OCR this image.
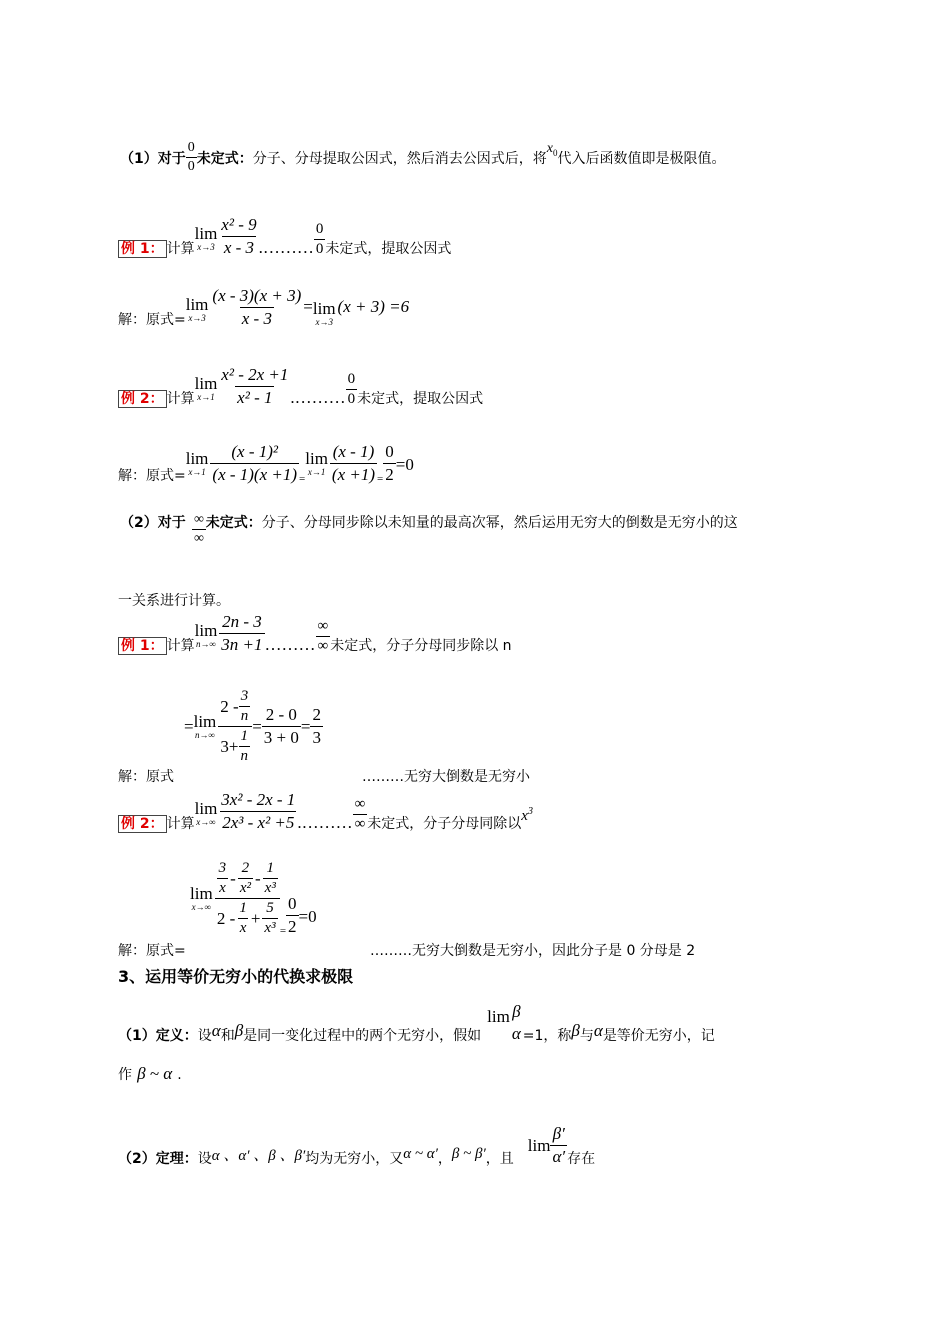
（1）对于 $\frac{0}{0}$ 未定式： 分子、分母提取公因式，然后消去公因式后，将
$x_0$ 代入后函数值即是极限值。
例 1： 计算
lim
$x\to 3 \frac{\text{x² - 9}}{x - 3}$ .……… $\frac{0}{0}$ 未定式，提取公因式
解：原式=
lim
$x\to 3 \frac{(x - 3)(x + 3)}{x - 3} = \lim$
x→3
(x + 3) =6
例 2： 计算
lim
$x\to 1 \frac{\text{x² - 2x +1}}{\text{x² - 1}}$ .……… $\frac{0}{0}$ 未定式，提取公因式
解：原式=
lim
$x\to 1 \frac{\text{(x - 1)²}}{(x - 1)(x +1)}$ =
lim
$x\to 1 \frac{(x - 1)}{(x +1)} = \frac{0}{2} =0$
（2）对于 $\frac{\infty}{\infty}$ 未定式： 分子、分母同步除以未知量的最高次幂，然后运用无穷大的倒数是无穷小的这
一关系进行计算。
例 1： 计算
lim
$n\to\infty \frac{2n - 3}{3n +1}$ ……… $\frac{\infty}{\infty}$ 未定式，分子分母同步除以 n
解：原式
= lim
$n\to\infty \frac{2 - \frac{3}{n}}{3+ \frac{1}{n}} = \frac{2 - 0}{3 + 0} = \frac{2}{3}$
………无穷大倒数是无穷小
例 2： 计算
lim
$x\to\infty \frac{\text{3x² - 2x - 1}}{\text{2x³ - x² +5}}$ .……… $\frac{\infty}{\infty}$ 未定式，分子分母同除以 $x^3$
解：原式=
lim
$x\to\infty \frac{\frac{3}{x} - \frac{2}{\text{x²}} - \frac{1}{\text{x³}}}{2 - \frac{1}{x} + \frac{5}{\text{x³}}} = \frac{0}{2} =0$
………无穷大倒数是无穷小，因此分子是 0 分母是 2
3、运用等价无穷小的代换求极限
（1）定义： 设 α 和 β 是同一变化过程中的两个无穷小，假如
lim β
α =1，称 β 与 α 是等价无穷小，记
作 β ~ α .
（2）定理： 设 α 、α′ 、β 、β′ 均为无穷小，又 α ~ α′ ， β ~ β′ ，且
$\lim \frac{\beta'}{\alpha'}$ 存在
